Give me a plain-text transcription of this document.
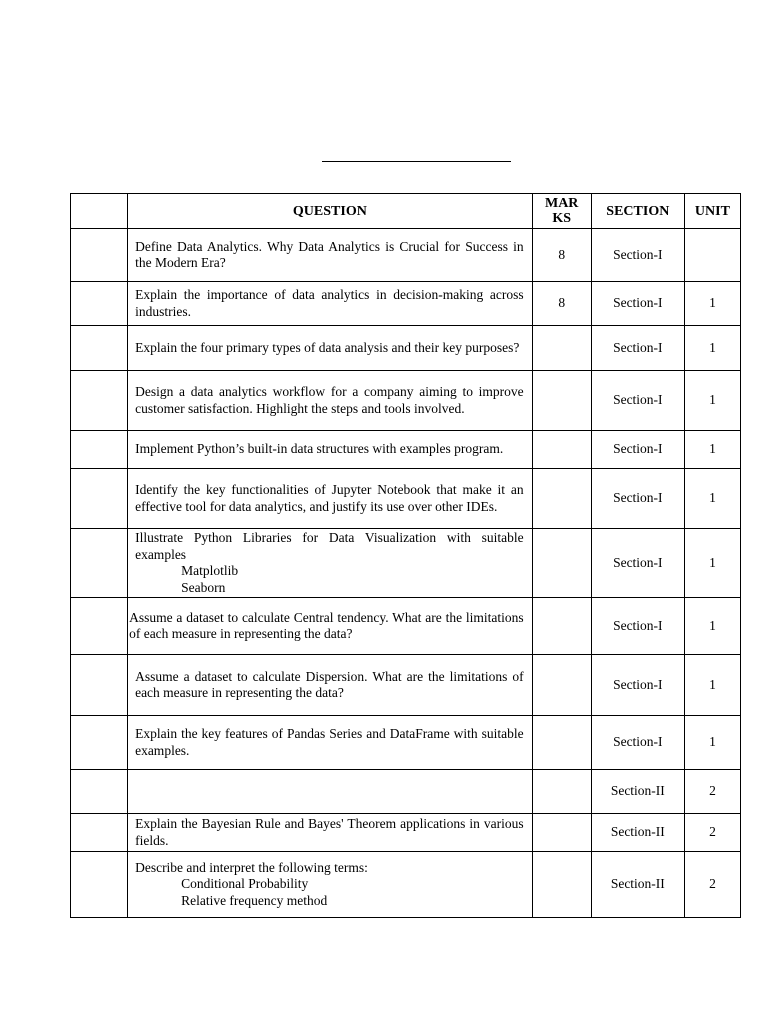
	QUESTION	MAR KS	SECTION	UNIT
	Define Data Analytics. Why Data Analytics is Crucial for Success in the Modern Era?	8	Section-I	
	Explain the importance of data analytics in decision-making across industries.	8	Section-I	1
	Explain the four primary types of data analysis and their key purposes?		Section-I	1
	Design a data analytics workflow for a company aiming to improve customer satisfaction. Highlight the steps and tools involved.		Section-I	1
	Implement Python’s built-in data structures with examples program.		Section-I	1
	Identify the key functionalities of Jupyter Notebook that make it an effective tool for data analytics, and justify its use over other IDEs.		Section-I	1

	Illustrate Python Libraries for Data Visualization with suitable examples
Matplotlib
Seaborn		Section-I	1
	Assume a dataset to calculate Central tendency. What are the limitations of each measure in representing the data?		Section-I	1
	Assume a dataset to calculate Dispersion. What are the limitations of each measure in representing the data?		Section-I	1
	Explain the key features of Pandas Series and DataFrame with suitable examples.		Section-I	1
			Section-II	2
	Explain the Bayesian Rule and Bayes' Theorem applications in various fields.		Section-II	2

	Describe and interpret the following terms:
Conditional Probability
Relative frequency method		Section-II	2
